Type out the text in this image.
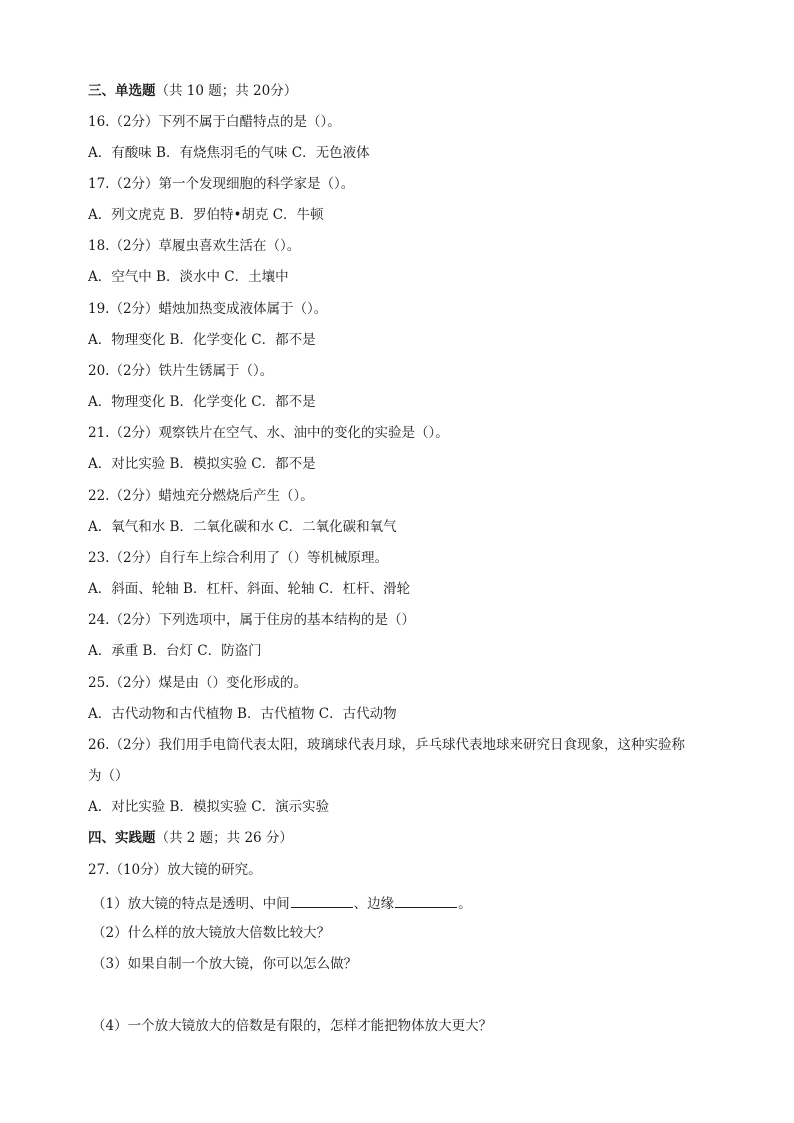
三、单选题（共 10 题；共 20分）
16.（2分）下列不属于白醋特点的是（）。
A．有酸味 B．有烧焦羽毛的气味 C．无色液体
17.（2分）第一个发现细胞的科学家是（）。
A．列文虎克 B．罗伯特•胡克 C．牛顿
18.（2分）草履虫喜欢生活在（）。
A．空气中 B．淡水中 C．土壤中
19.（2分）蜡烛加热变成液体属于（）。
A．物理变化 B．化学变化 C．都不是
20.（2分）铁片生锈属于（）。
A．物理变化 B．化学变化 C．都不是
21.（2分）观察铁片在空气、水、油中的变化的实验是（）。
A．对比实验 B．模拟实验 C．都不是
22.（2分）蜡烛充分燃烧后产生（）。
A．氧气和水 B．二氧化碳和水 C．二氧化碳和氧气
23.（2分）自行车上综合利用了（）等机械原理。
A．斜面、轮轴 B．杠杆、斜面、轮轴 C．杠杆、滑轮
24.（2分）下列选项中，属于住房的基本结构的是（）
A．承重 B．台灯 C．防盗门
25.（2分）煤是由（）变化形成的。
A．古代动物和古代植物 B．古代植物 C．古代动物
26.（2分）我们用手电筒代表太阳，玻璃球代表月球，乒乓球代表地球来研究日食现象，这种实验称
为（）
A．对比实验 B．模拟实验 C．演示实验
四、实践题（共 2 题；共 26 分）
27.（10分）放大镜的研究。
（1）放大镜的特点是透明、中间	、边缘	。
（2）什么样的放大镜放大倍数比较大？
（3）如果自制一个放大镜，你可以怎么做？
（4）一个放大镜放大的倍数是有限的，怎样才能把物体放大更大？
